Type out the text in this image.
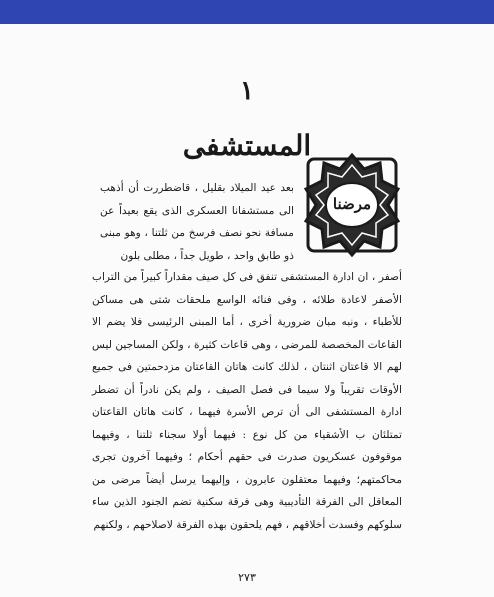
١
المستشفى
مرضنا
بعد عيد الميلاد بقليل ، قاضطررت أن أذهب الى مستشفانا العسكرى الذى يقع بعيداً عن مسافة نحو نصف فرسخ من ثلتنا ، وهو مبنى ذو طابق واحد ، طويل جداً ، مطلى بلون
أصفر ، ان ادارة المستشفى تنفق فى كل صيف مقداراً كبيراً من التراب الأصفر لاعادة طلائه ، وفى فنائه الواسع ملحقات شتى هى مساكن للأطباء ، ونبه مبان ضرورية أخرى ، أما المبنى الرئيسى فلا يضم الا القاعات المخصصة للمرضى ، وهى قاعات كثيرة ، ولكن المساجين ليس لهم الا قاعتان اثنتان ، لذلك كانت هاتان القاعتان مزدحمتين فى جميع الأوقات تقريباً ولا سيما فى فصل الصيف ، ولم يكن نادراً أن تضطر ادارة المستشفى الى أن ترص الأسرة فيهما ، كانت هاتان القاعتان تمتلئان ب الأشقياء من كل نوع : فيهما أولا سجناء ثلتنا ، وفيهما موقوفون عسكريون صدرت فى حقهم أحكام ؛ وفيهما آخرون تجرى محاكمتهم؛ وفيهما معتقلون عابرون ، وإليهما يرسل أيضاً مرضى من المعاقل الى الفرقة التأديبية وهى فرقة سكنية تضم الجنود الذين ساء سلوكهم وفسدت أخلاقهم ، فهم يلحقون بهذه الفرقة لاصلاحهم ، ولكنهم
٢٧٣
